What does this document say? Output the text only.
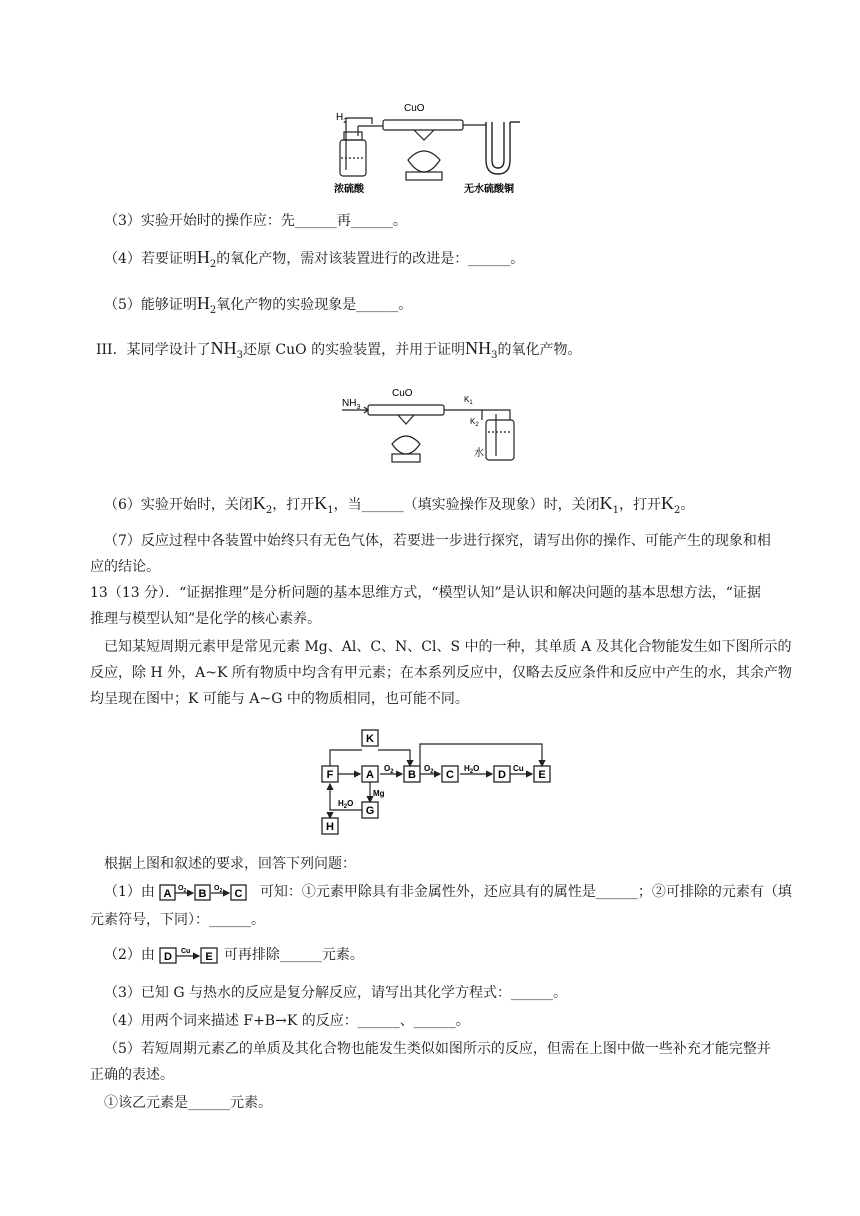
$H_2$
CuO
浓硫酸	无水硫酸铜
（3）实验开始时的操作应：先______再______。
（4）若要证明$H_2$的氧化产物，需对该装置进行的改进是：______。
（5）能够证明$H_2$氧化产物的实验现象是______。
III．某同学设计了$NH_3$还原 CuO 的实验装置，并用于证明$NH_3$的氧化产物。
$NH_3$
CuO
$K_1$
$K_2$
水
（6）实验开始时，关闭$K_2$，打开$K_1$，当______（填实验操作及现象）时，关闭$K_1$，打开$K_2$。
（7）反应过程中各装置中始终只有无色气体，若要进一步进行探究，请写出你的操作、可能产生的现象和相
应的结论。
13（13 分）．“证据推理”是分析问题的基本思维方式，“模型认知”是认识和解决问题的基本思想方法，“证据
推理与模型认知”是化学的核心素养。
已知某短周期元素甲是常见元素 Mg、Al、C、N、Cl、S 中的一种，其单质 A 及其化合物能发生如下图所示的
反应，除 H 外，A~K 所有物质中均含有甲元素；在本系列反应中，仅略去反应条件和反应中产生的水，其余产物
均呈现在图中；K 可能与 A~G 中的物质相同，也可能不同。
K
F	A	B	C	D	E
G
H
$O_2$	$O_2$	$H_2O$	Cu
Mg
$H_2O$
根据上图和叙述的要求，回答下列问题：
（1）由 A B	C
$O_2$	$O_2$	可知：①元素甲除具有非金属性外，还应具有的属性是______；②可排除的元素有（填
元素符号，下同）：______。
（2）由 D	E
Cu 可再排除______元素。
（3）已知 G 与热水的反应是复分解反应，请写出其化学方程式：______。
（4）用两个词来描述 F+B→K 的反应：______、______。
（5）若短周期元素乙的单质及其化合物也能发生类似如图所示的反应，但需在上图中做一些补充才能完整并
正确的表述。
①该乙元素是______元素。
